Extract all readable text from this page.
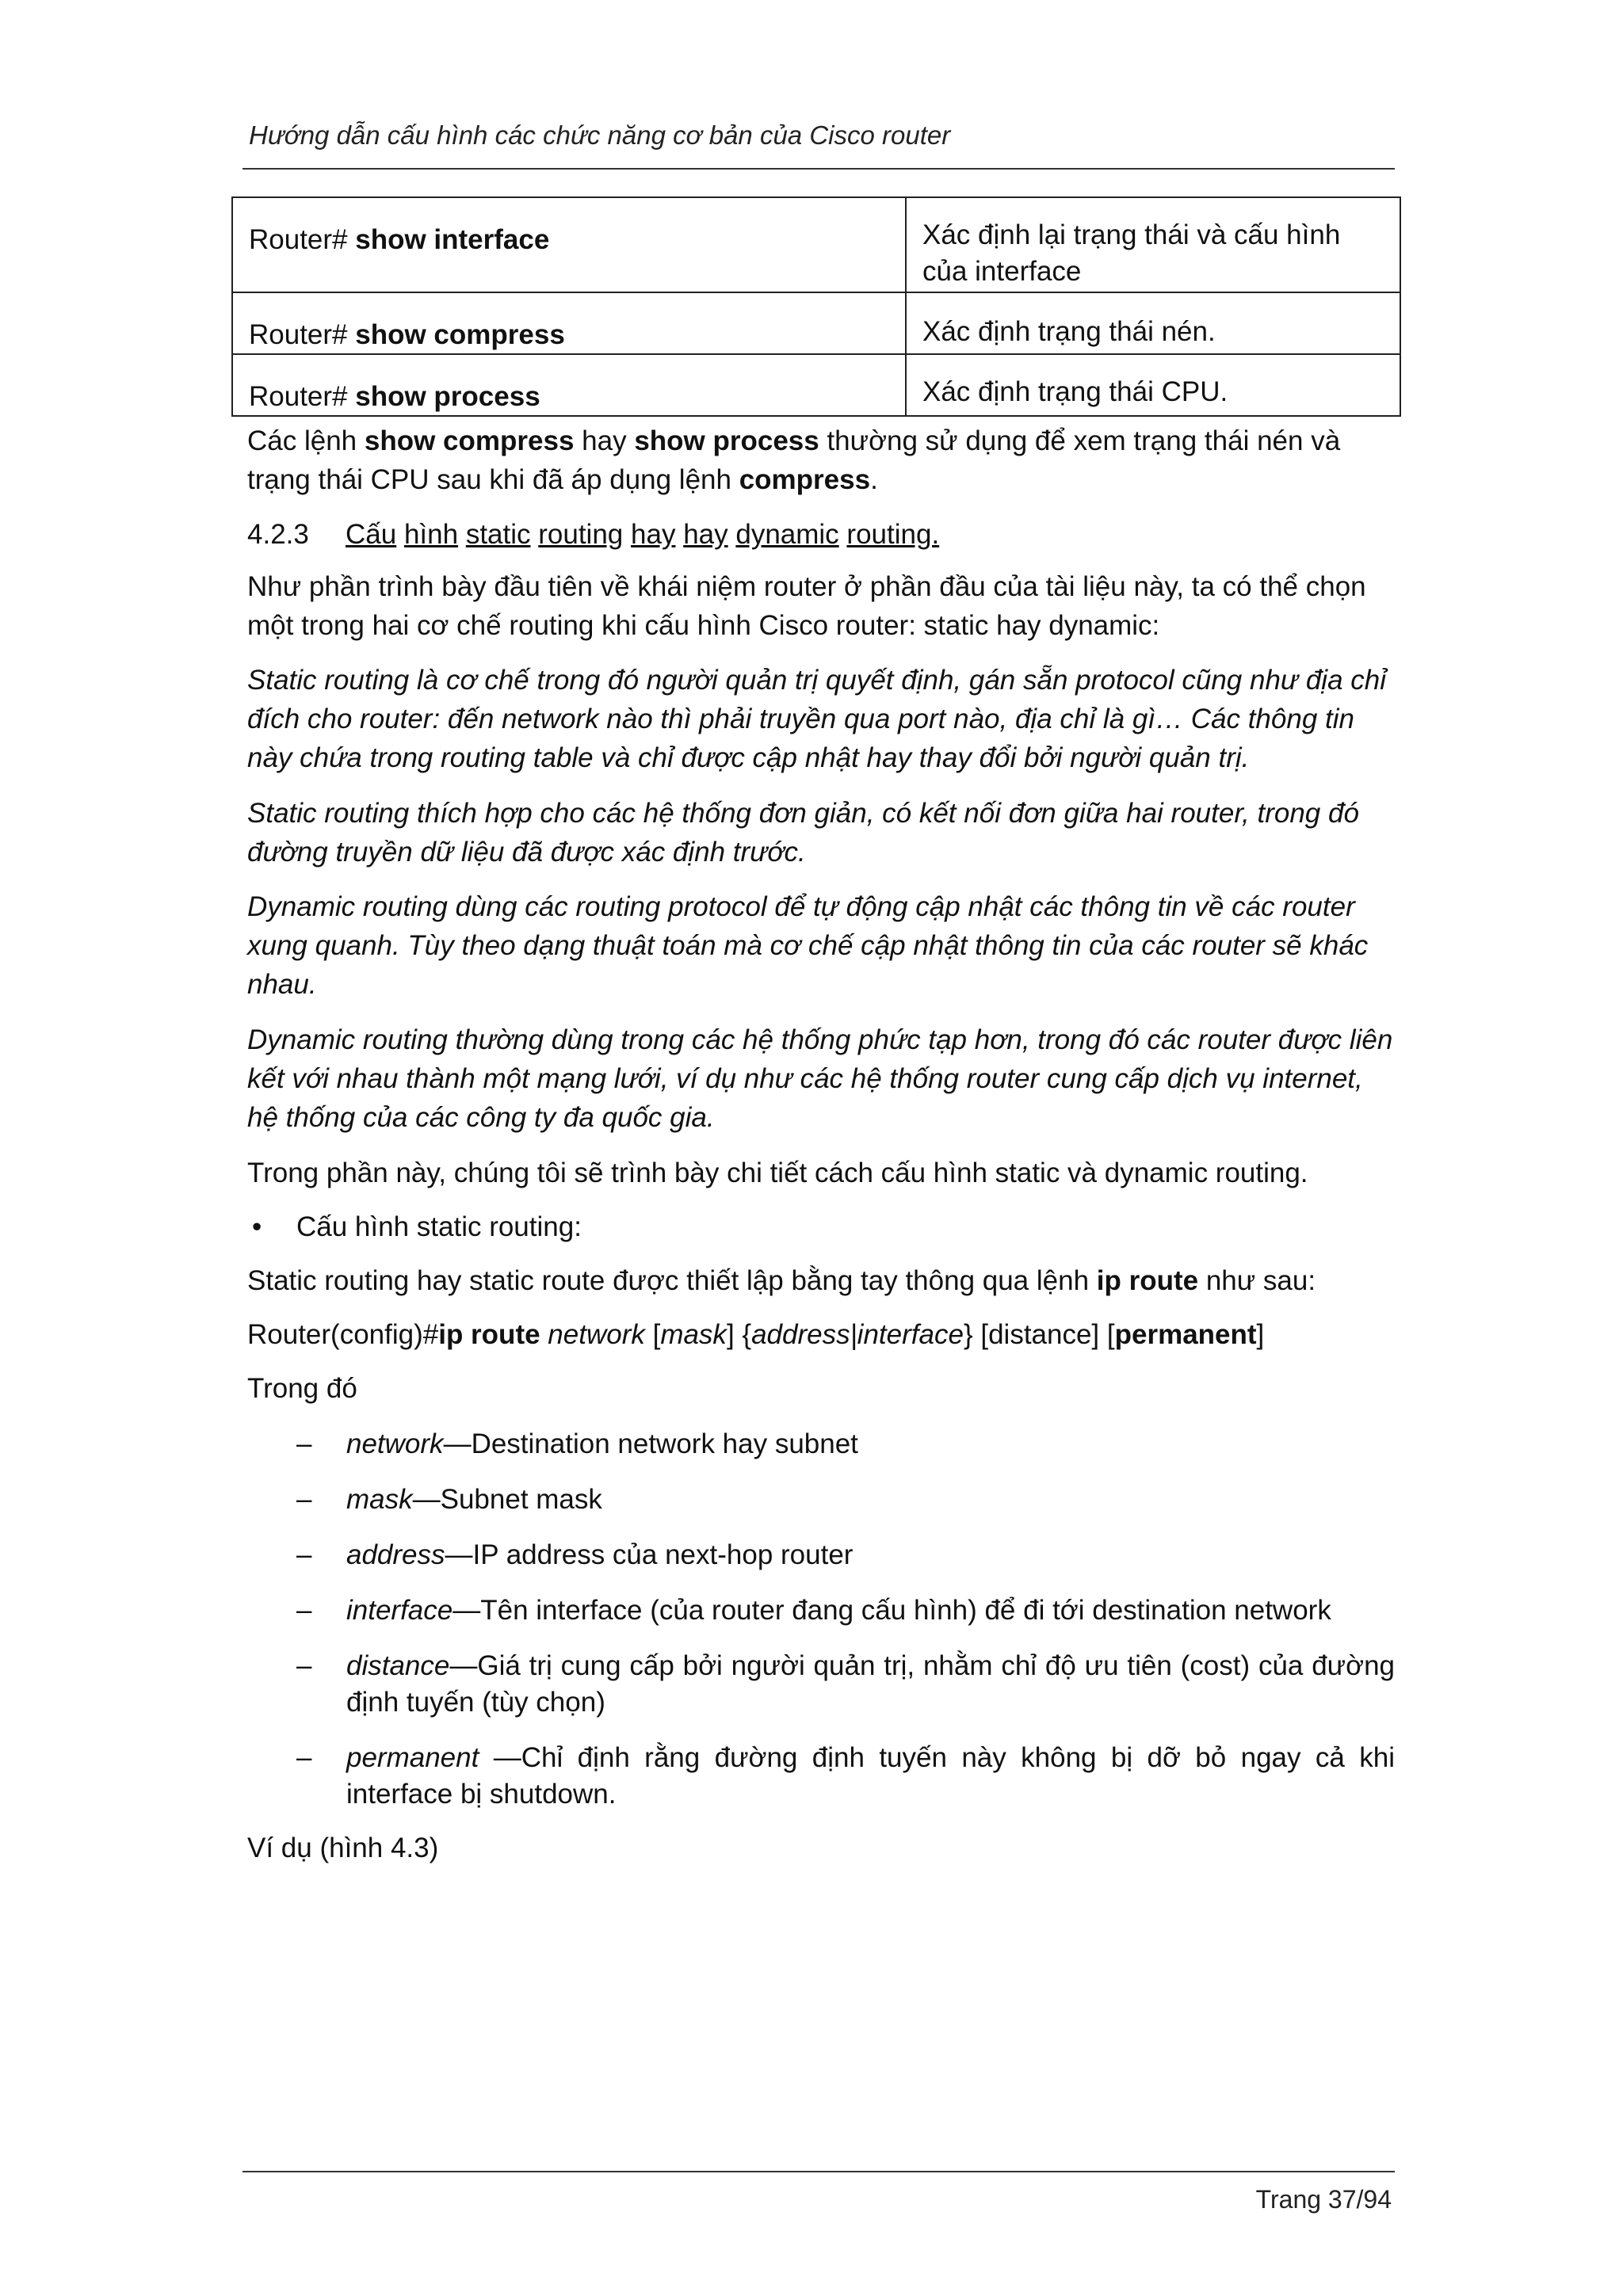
Hướng dẫn cấu hình các chức năng cơ bản của Cisco router
Router# show interface	Xác định lại trạng thái và cấu hình của interface
Router# show compress	Xác định trạng thái nén.
Router# show process	Xác định trạng thái CPU.

Các lệnh show compress hay show process thường sử dụng để xem trạng thái nén và trạng thái CPU sau khi đã áp dụng lệnh compress.

4.2.3 Cấu hình static routing hay hay dynamic routing.

Như phần trình bày đầu tiên về khái niệm router ở phần đầu của tài liệu này, ta có thể chọn một trong hai cơ chế routing khi cấu hình Cisco router: static hay dynamic:

Static routing là cơ chế trong đó người quản trị quyết định, gán sẵn protocol cũng như địa chỉ đích cho router: đến network nào thì phải truyền qua port nào, địa chỉ là gì… Các thông tin này chứa trong routing table và chỉ được cập nhật hay thay đổi bởi người quản trị.

Static routing thích hợp cho các hệ thống đơn giản, có kết nối đơn giữa hai router, trong đó đường truyền dữ liệu đã được xác định trước.

Dynamic routing dùng các routing protocol để tự động cập nhật các thông tin về các router xung quanh. Tùy theo dạng thuật toán mà cơ chế cập nhật thông tin của các router sẽ khác nhau.

Dynamic routing thường dùng trong các hệ thống phức tạp hơn, trong đó các router được liên kết với nhau thành một mạng lưới, ví dụ như các hệ thống router cung cấp dịch vụ internet, hệ thống của các công ty đa quốc gia.

Trong phần này, chúng tôi sẽ trình bày chi tiết cách cấu hình static và dynamic routing.

• Cấu hình static routing:

Static routing hay static route được thiết lập bằng tay thông qua lệnh ip route như sau:

Router(config)#ip route network [mask] {address|interface} [distance] [permanent]

Trong đó

– network—Destination network hay subnet
– mask—Subnet mask
– address—IP address của next-hop router
– interface—Tên interface (của router đang cấu hình) để đi tới destination network
– distance—Giá trị cung cấp bởi người quản trị, nhằm chỉ độ ưu tiên (cost) của đường định tuyến (tùy chọn)
– permanent —Chỉ định rằng đường định tuyến này không bị dỡ bỏ ngay cả khi interface bị shutdown.

Ví dụ (hình 4.3)

Trang 37/94
